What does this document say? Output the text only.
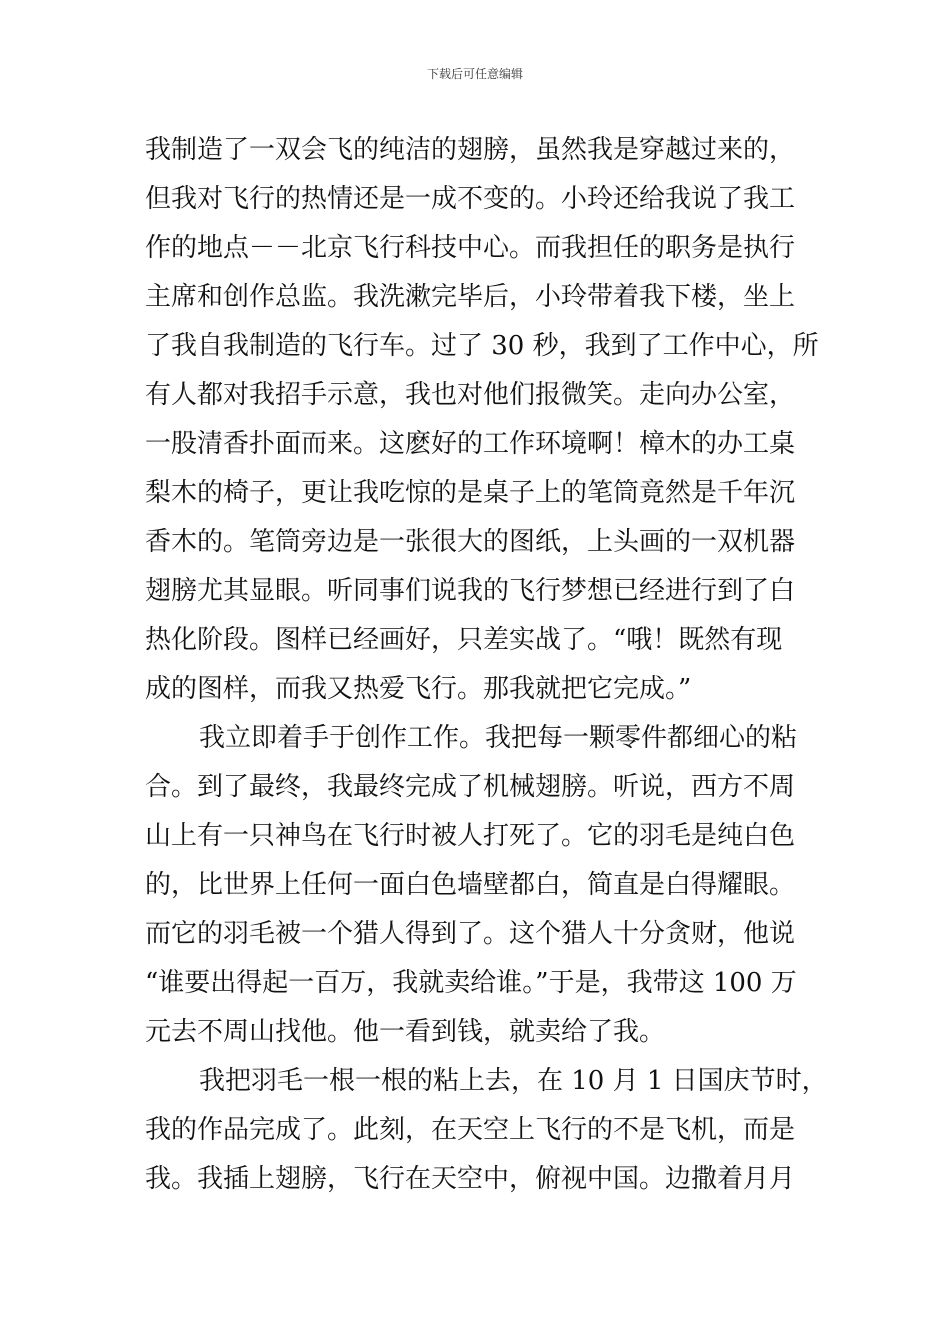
下载后可任意编辑
我制造了一双会飞的纯洁的翅膀，虽然我是穿越过来的，
但我对飞行的热情还是一成不变的。小玲还给我说了我工
作的地点－－北京飞行科技中心。而我担任的职务是执行
主席和创作总监。我洗漱完毕后，小玲带着我下楼，坐上
了我自我制造的飞行车。过了 30 秒，我到了工作中心，所
有人都对我招手示意，我也对他们报微笑。走向办公室，
一股清香扑面而来。这麽好的工作环境啊！樟木的办工桌
梨木的椅子，更让我吃惊的是桌子上的笔筒竟然是千年沉
香木的。笔筒旁边是一张很大的图纸，上头画的一双机器
翅膀尤其显眼。听同事们说我的飞行梦想已经进行到了白
热化阶段。图样已经画好，只差实战了。“哦！既然有现
成的图样，而我又热爱飞行。那我就把它完成。”
我立即着手于创作工作。我把每一颗零件都细心的粘
合。到了最终，我最终完成了机械翅膀。听说，西方不周
山上有一只神鸟在飞行时被人打死了。它的羽毛是纯白色
的，比世界上任何一面白色墙壁都白，简直是白得耀眼。
而它的羽毛被一个猎人得到了。这个猎人十分贪财，他说
“谁要出得起一百万，我就卖给谁。”于是，我带这 100 万
元去不周山找他。他一看到钱，就卖给了我。
我把羽毛一根一根的粘上去，在 10 月 1 日国庆节时，
我的作品完成了。此刻，在天空上飞行的不是飞机，而是
我。我插上翅膀，飞行在天空中，俯视中国。边撒着月月
